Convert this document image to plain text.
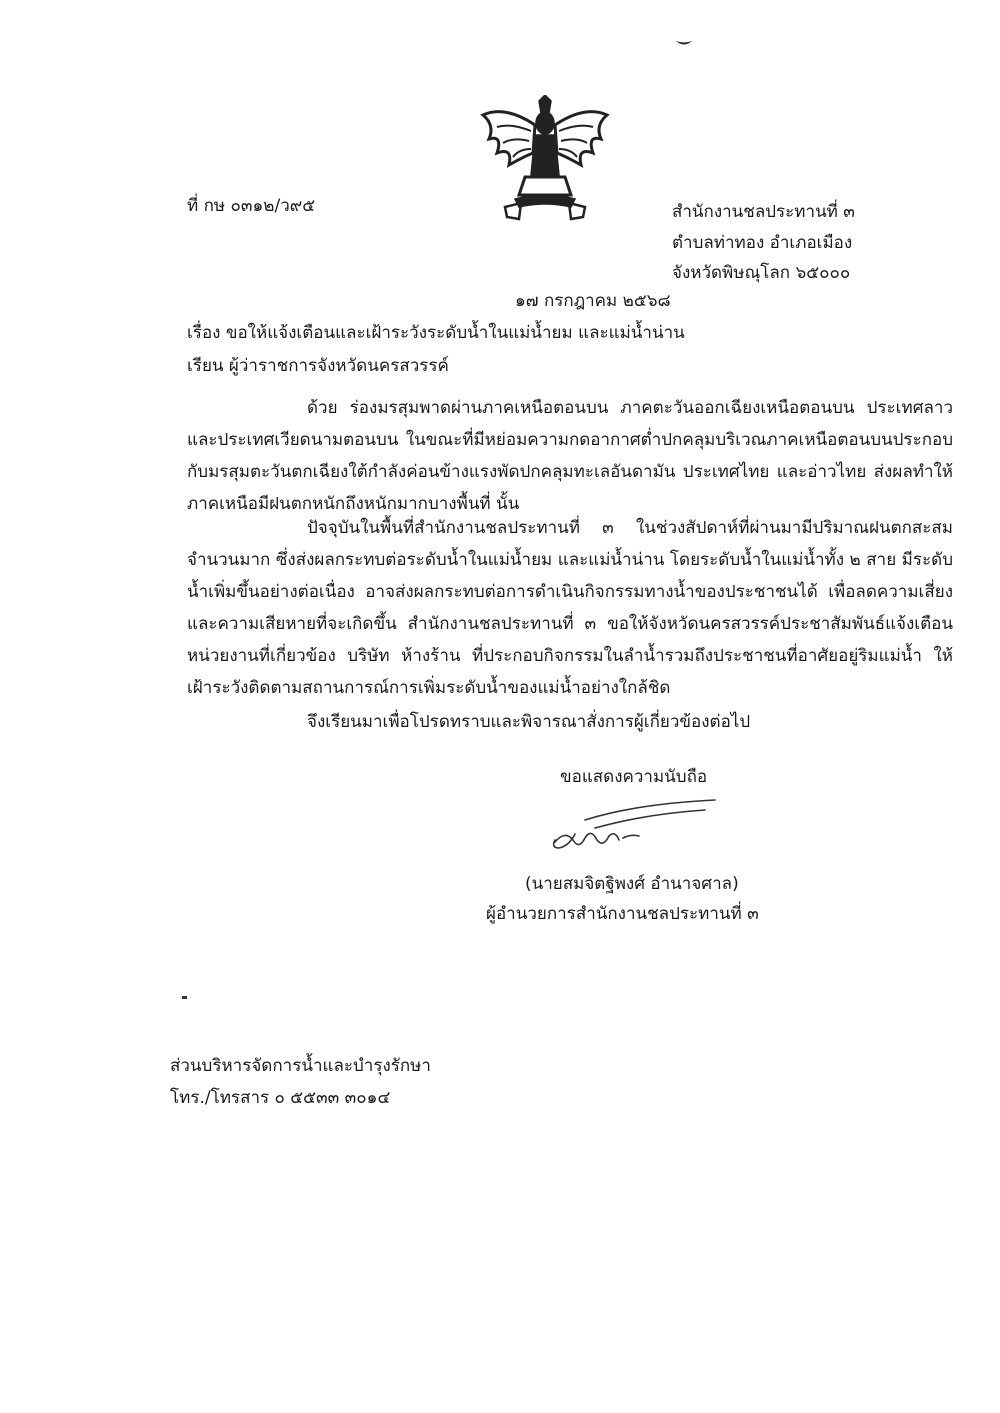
ที่ กษ ๐๓๑๒/ว๙๕	สำนักงานชลประทานที่ ๓
ตำบลท่าทอง อำเภอเมือง
จังหวัดพิษณุโลก ๖๕๐๐๐
๑๗ กรกฎาคม ๒๕๖๘
เรื่อง ขอให้แจ้งเตือนและเฝ้าระวังระดับน้ำในแม่น้ำยม และแม่น้ำน่าน
เรียน ผู้ว่าราชการจังหวัดนครสวรรค์
ด้วย ร่องมรสุมพาดผ่านภาคเหนือตอนบน ภาคตะวันออกเฉียงเหนือตอนบน ประเทศลาว และประเทศเวียดนามตอนบน ในขณะที่มีหย่อมความกดอากาศต่ำปกคลุมบริเวณภาคเหนือตอนบนประกอบกับมรสุมตะวันตกเฉียงใต้กำลังค่อนข้างแรงพัดปกคลุมทะเลอันดามัน ประเทศไทย และอ่าวไทย ส่งผลทำให้ภาคเหนือมีฝนตกหนักถึงหนักมากบางพื้นที่ นั้น
ปัจจุบันในพื้นที่สำนักงานชลประทานที่ ๓ ในช่วงสัปดาห์ที่ผ่านมามีปริมาณฝนตกสะสมจำนวนมาก ซึ่งส่งผลกระทบต่อระดับน้ำในแม่น้ำยม และแม่น้ำน่าน โดยระดับน้ำในแม่น้ำทั้ง ๒ สาย มีระดับน้ำเพิ่มขึ้นอย่างต่อเนื่อง อาจส่งผลกระทบต่อการดำเนินกิจกรรมทางน้ำของประชาชนได้ เพื่อลดความเสี่ยงและความเสียหายที่จะเกิดขึ้น สำนักงานชลประทานที่ ๓ ขอให้จังหวัดนครสวรรค์ประชาสัมพันธ์แจ้งเตือนหน่วยงานที่เกี่ยวข้อง บริษัท ห้างร้าน ที่ประกอบกิจกรรมในลำน้ำรวมถึงประชาชนที่อาศัยอยู่ริมแม่น้ำ ให้เฝ้าระวังติดตามสถานการณ์การเพิ่มระดับน้ำของแม่น้ำอย่างใกล้ชิด
จึงเรียนมาเพื่อโปรดทราบและพิจารณาสั่งการผู้เกี่ยวข้องต่อไป
ขอแสดงความนับถือ
(นายสมจิตฐิพงศ์ อำนาจศาล)
ผู้อำนวยการสำนักงานชลประทานที่ ๓
ส่วนบริหารจัดการน้ำและบำรุงรักษา
โทร./โทรสาร ๐ ๕๕๓๓ ๓๐๑๔
